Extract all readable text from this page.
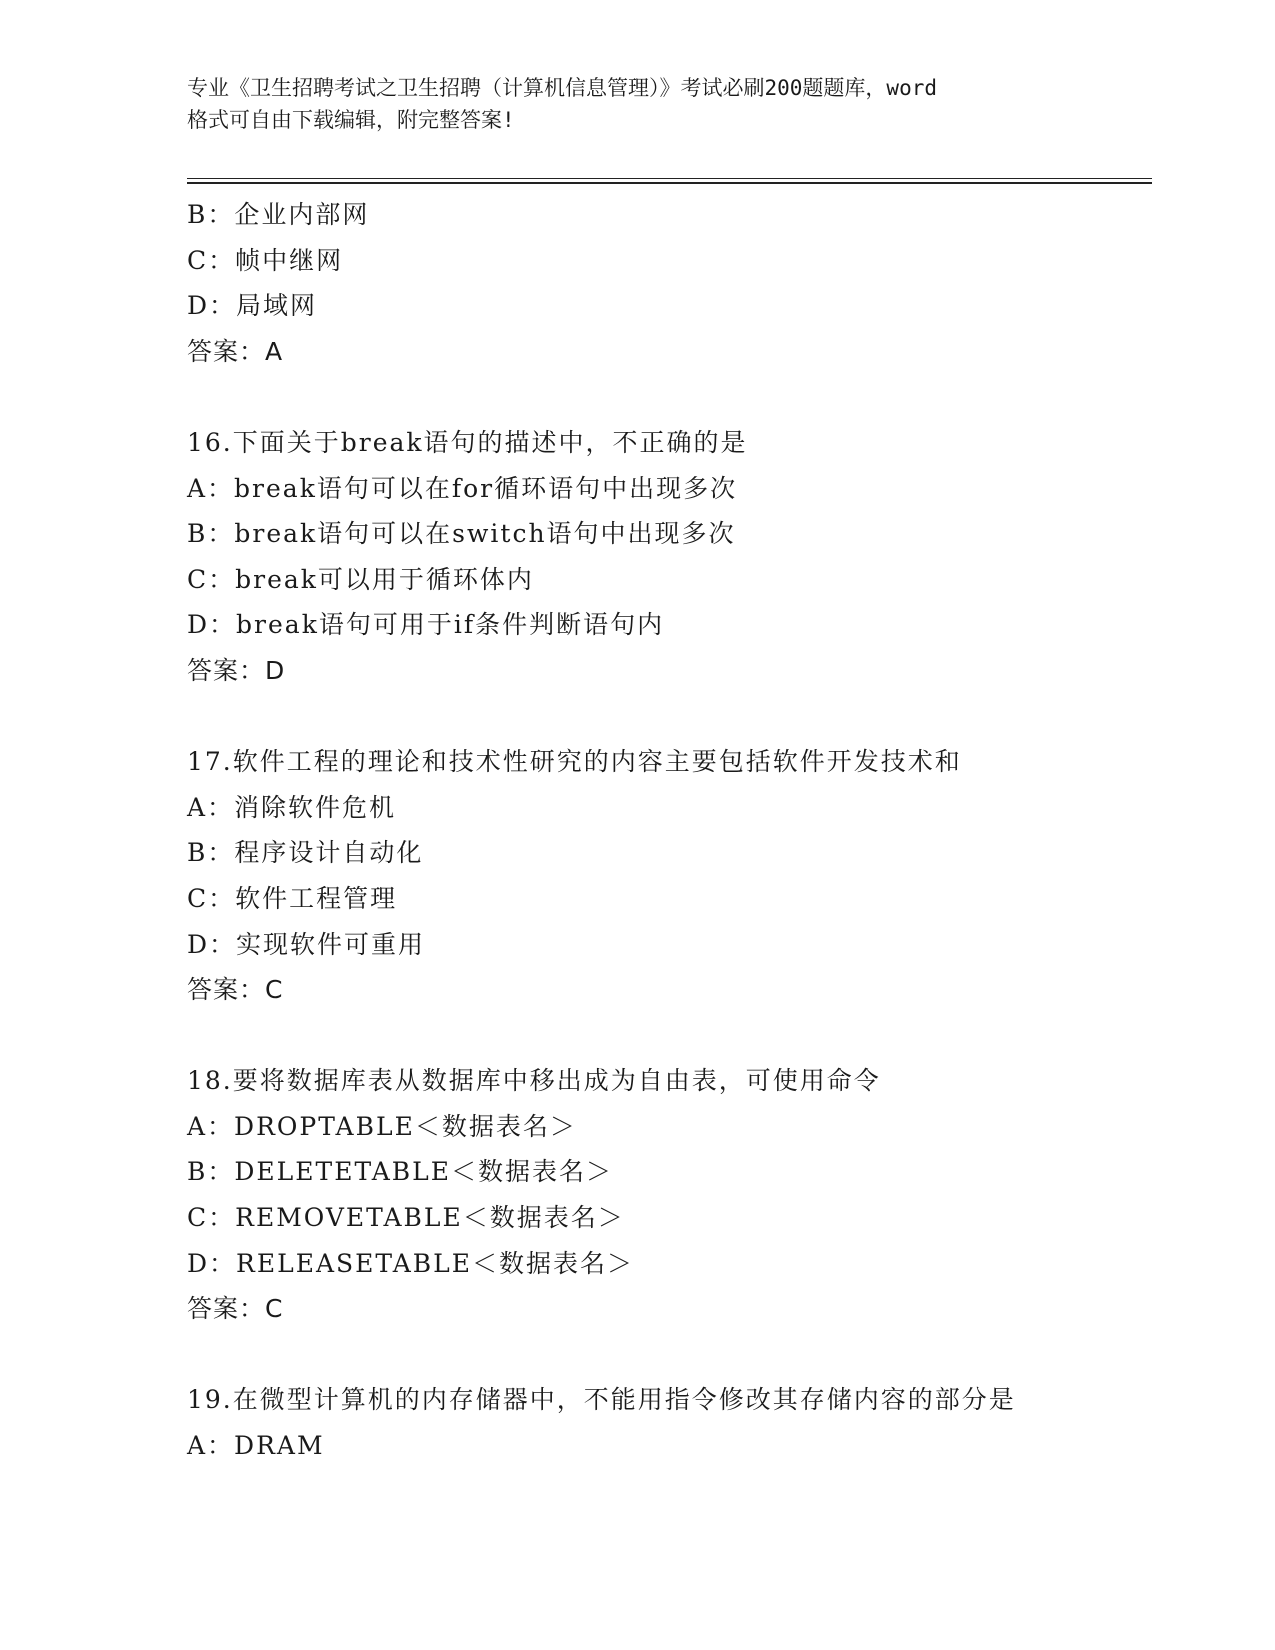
专业《卫生招聘考试之卫生招聘（计算机信息管理）》考试必刷200题题库，word
格式可自由下载编辑，附完整答案!
B：企业内部网
C：帧中继网
D：局域网
答案：A
16.下面关于break语句的描述中，不正确的是
A：break语句可以在for循环语句中出现多次
B：break语句可以在switch语句中出现多次
C：break可以用于循环体内
D：break语句可用于if条件判断语句内
答案：D
17.软件工程的理论和技术性研究的内容主要包括软件开发技术和
A：消除软件危机
B：程序设计自动化
C：软件工程管理
D：实现软件可重用
答案：C
18.要将数据库表从数据库中移出成为自由表，可使用命令
A：DROPTABLE＜数据表名＞
B：DELETETABLE＜数据表名＞
C：REMOVETABLE＜数据表名＞
D：RELEASETABLE＜数据表名＞
答案：C
19.在微型计算机的内存储器中，不能用指令修改其存储内容的部分是
A：DRAM
